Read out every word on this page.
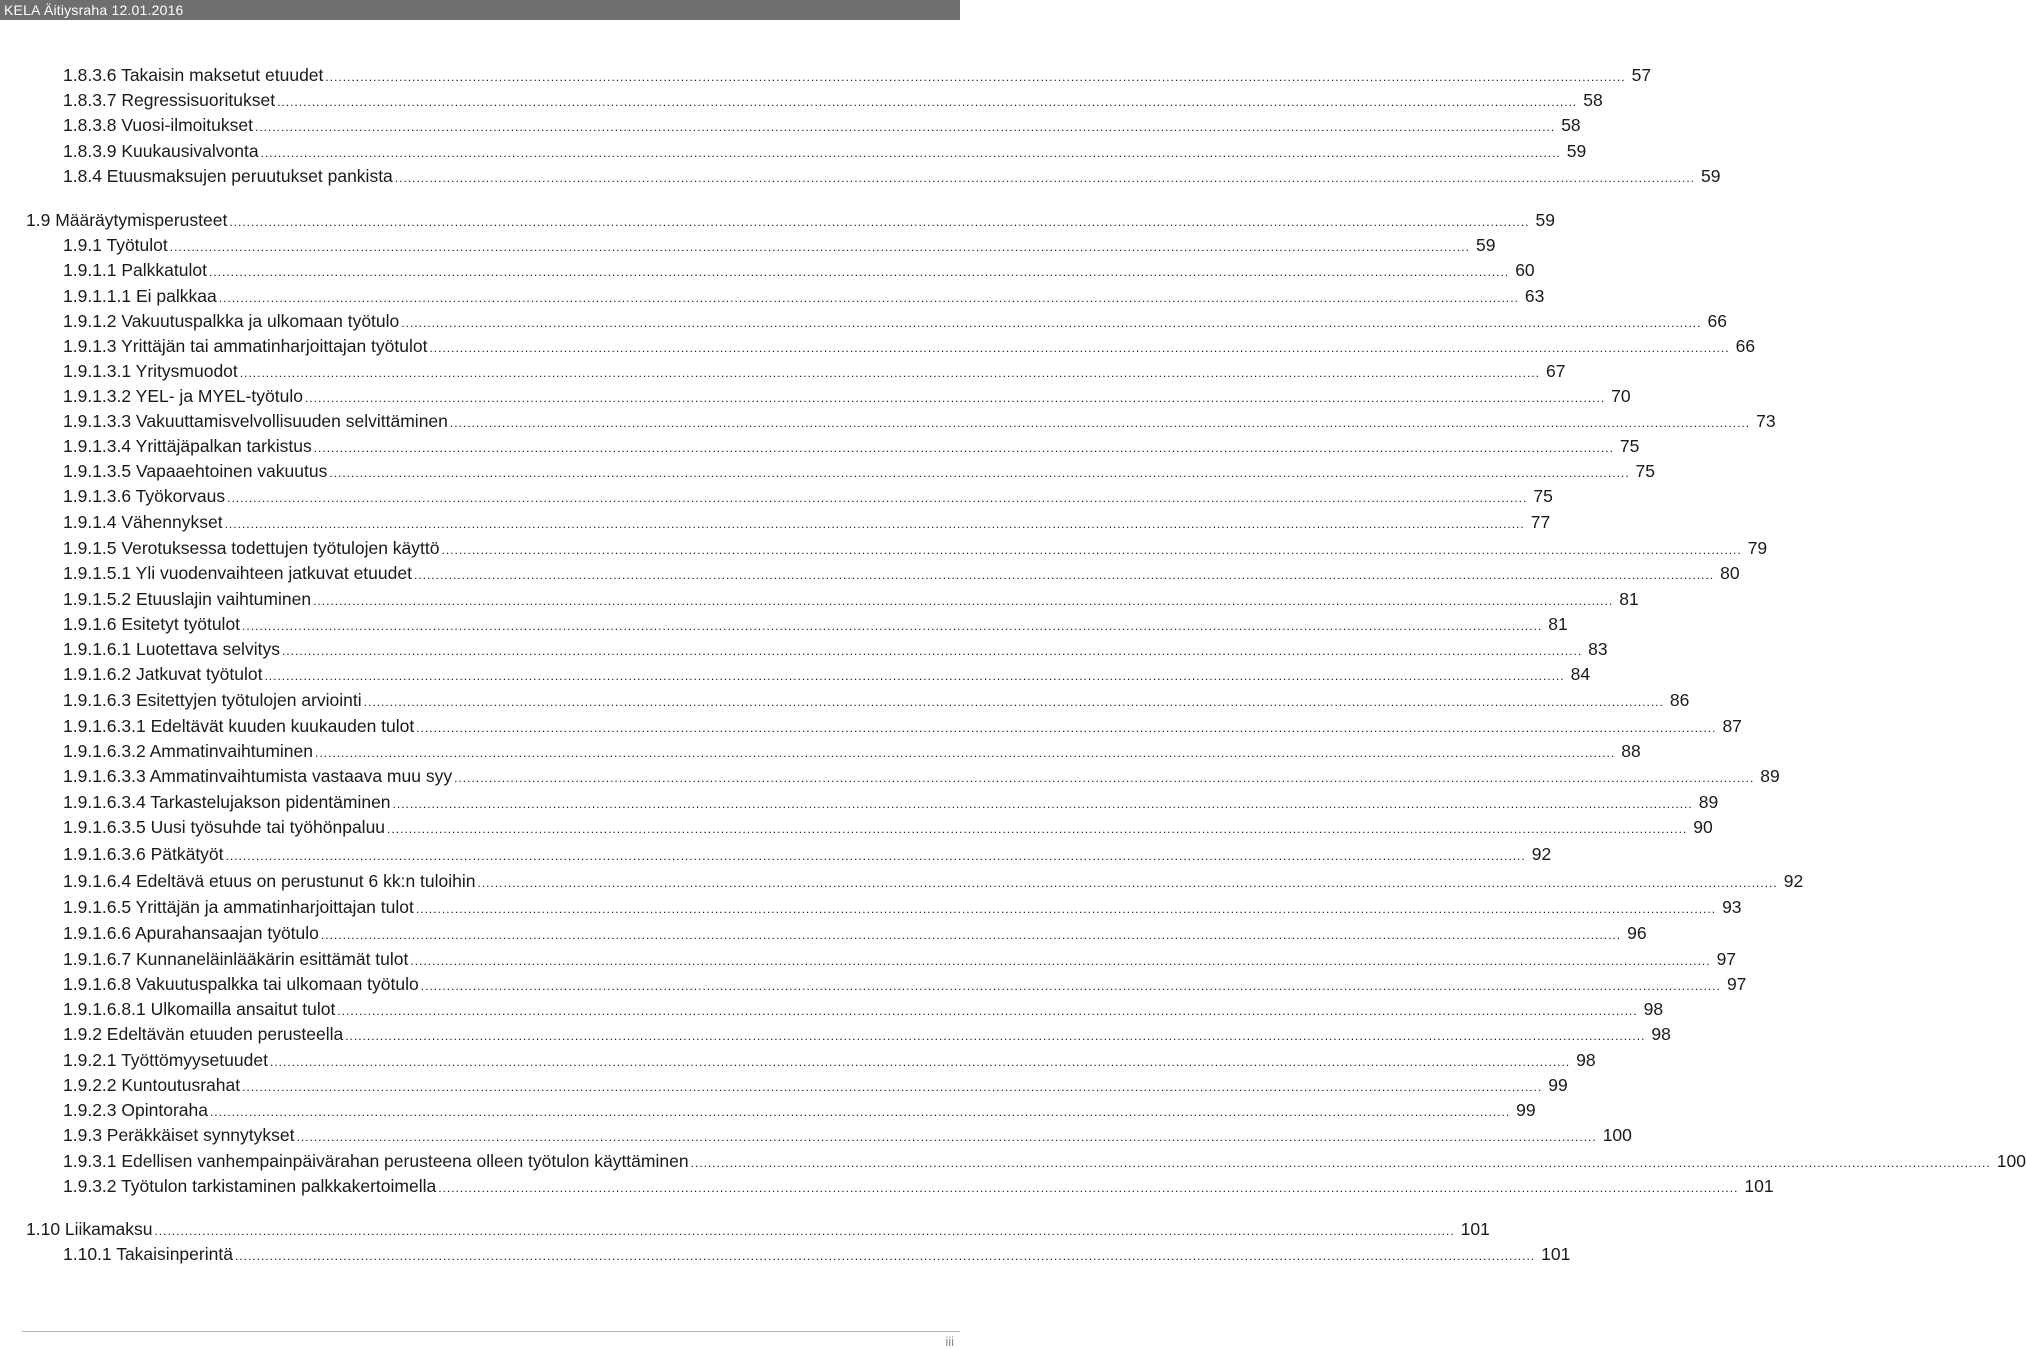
KELA Äitiysraha 12.01.2016
1.8.3.6 Takaisin maksetut etuudet ............................................................................................................................................................................................................................................................................................................ 57
1.8.3.7 Regressisuoritukset ............................................................................................................................................................................................................................................................................................................ 58
1.8.3.8 Vuosi-ilmoitukset ............................................................................................................................................................................................................................................................................................................ 58
1.8.3.9 Kuukausivalvonta ............................................................................................................................................................................................................................................................................................................ 59
1.8.4 Etuusmaksujen peruutukset pankista ............................................................................................................................................................................................................................................................................................................ 59
1.9 Määräytymisperusteet ............................................................................................................................................................................................................................................................................................................ 59
1.9.1 Työtulot ............................................................................................................................................................................................................................................................................................................ 59
1.9.1.1 Palkkatulot ............................................................................................................................................................................................................................................................................................................ 60
1.9.1.1.1 Ei palkkaa ............................................................................................................................................................................................................................................................................................................ 63
1.9.1.2 Vakuutuspalkka ja ulkomaan työtulo ............................................................................................................................................................................................................................................................................................................ 66
1.9.1.3 Yrittäjän tai ammatinharjoittajan työtulot ............................................................................................................................................................................................................................................................................................................ 66
1.9.1.3.1 Yritysmuodot ............................................................................................................................................................................................................................................................................................................ 67
1.9.1.3.2 YEL- ja MYEL-työtulo ............................................................................................................................................................................................................................................................................................................ 70
1.9.1.3.3 Vakuuttamisvelvollisuuden selvittäminen ............................................................................................................................................................................................................................................................................................................ 73
1.9.1.3.4 Yrittäjäpalkan tarkistus ............................................................................................................................................................................................................................................................................................................ 75
1.9.1.3.5 Vapaaehtoinen vakuutus ............................................................................................................................................................................................................................................................................................................ 75
1.9.1.3.6 Työkorvaus ............................................................................................................................................................................................................................................................................................................ 75
1.9.1.4 Vähennykset ............................................................................................................................................................................................................................................................................................................ 77
1.9.1.5 Verotuksessa todettujen työtulojen käyttö ............................................................................................................................................................................................................................................................................................................ 79
1.9.1.5.1 Yli vuodenvaihteen jatkuvat etuudet ............................................................................................................................................................................................................................................................................................................ 80
1.9.1.5.2 Etuuslajin vaihtuminen ............................................................................................................................................................................................................................................................................................................ 81
1.9.1.6 Esitetyt työtulot ............................................................................................................................................................................................................................................................................................................ 81
1.9.1.6.1 Luotettava selvitys ............................................................................................................................................................................................................................................................................................................ 83
1.9.1.6.2 Jatkuvat työtulot ............................................................................................................................................................................................................................................................................................................ 84
1.9.1.6.3 Esitettyjen työtulojen arviointi ............................................................................................................................................................................................................................................................................................................ 86
1.9.1.6.3.1 Edeltävät kuuden kuukauden tulot ............................................................................................................................................................................................................................................................................................................ 87
1.9.1.6.3.2 Ammatinvaihtuminen ............................................................................................................................................................................................................................................................................................................ 88
1.9.1.6.3.3 Ammatinvaihtumista vastaava muu syy ............................................................................................................................................................................................................................................................................................................ 89
1.9.1.6.3.4 Tarkastelujakson pidentäminen ............................................................................................................................................................................................................................................................................................................ 89
1.9.1.6.3.5 Uusi työsuhde tai työhönpaluu ............................................................................................................................................................................................................................................................................................................ 90
1.9.1.6.3.6 Pätkätyöt ............................................................................................................................................................................................................................................................................................................ 92
1.9.1.6.4 Edeltävä etuus on perustunut 6 kk:n tuloihin ............................................................................................................................................................................................................................................................................................................ 92
1.9.1.6.5 Yrittäjän ja ammatinharjoittajan tulot ............................................................................................................................................................................................................................................................................................................ 93
1.9.1.6.6 Apurahansaajan työtulo ............................................................................................................................................................................................................................................................................................................ 96
1.9.1.6.7 Kunnaneläinlääkärin esittämät tulot ............................................................................................................................................................................................................................................................................................................ 97
1.9.1.6.8 Vakuutuspalkka tai ulkomaan työtulo ............................................................................................................................................................................................................................................................................................................ 97
1.9.1.6.8.1 Ulkomailla ansaitut tulot ............................................................................................................................................................................................................................................................................................................ 98
1.9.2 Edeltävän etuuden perusteella ............................................................................................................................................................................................................................................................................................................ 98
1.9.2.1 Työttömyysetuudet ............................................................................................................................................................................................................................................................................................................ 98
1.9.2.2 Kuntoutusrahat ............................................................................................................................................................................................................................................................................................................ 99
1.9.2.3 Opintoraha ............................................................................................................................................................................................................................................................................................................ 99
1.9.3 Peräkkäiset synnytykset ............................................................................................................................................................................................................................................................................................................ 100
1.9.3.1 Edellisen vanhempainpäivärahan perusteena olleen työtulon käyttäminen ............................................................................................................................................................................................................................................................................................................ 100
1.9.3.2 Työtulon tarkistaminen palkkakertoimella ............................................................................................................................................................................................................................................................................................................ 101
1.10 Liikamaksu ............................................................................................................................................................................................................................................................................................................ 101
1.10.1 Takaisinperintä ............................................................................................................................................................................................................................................................................................................ 101
iii
